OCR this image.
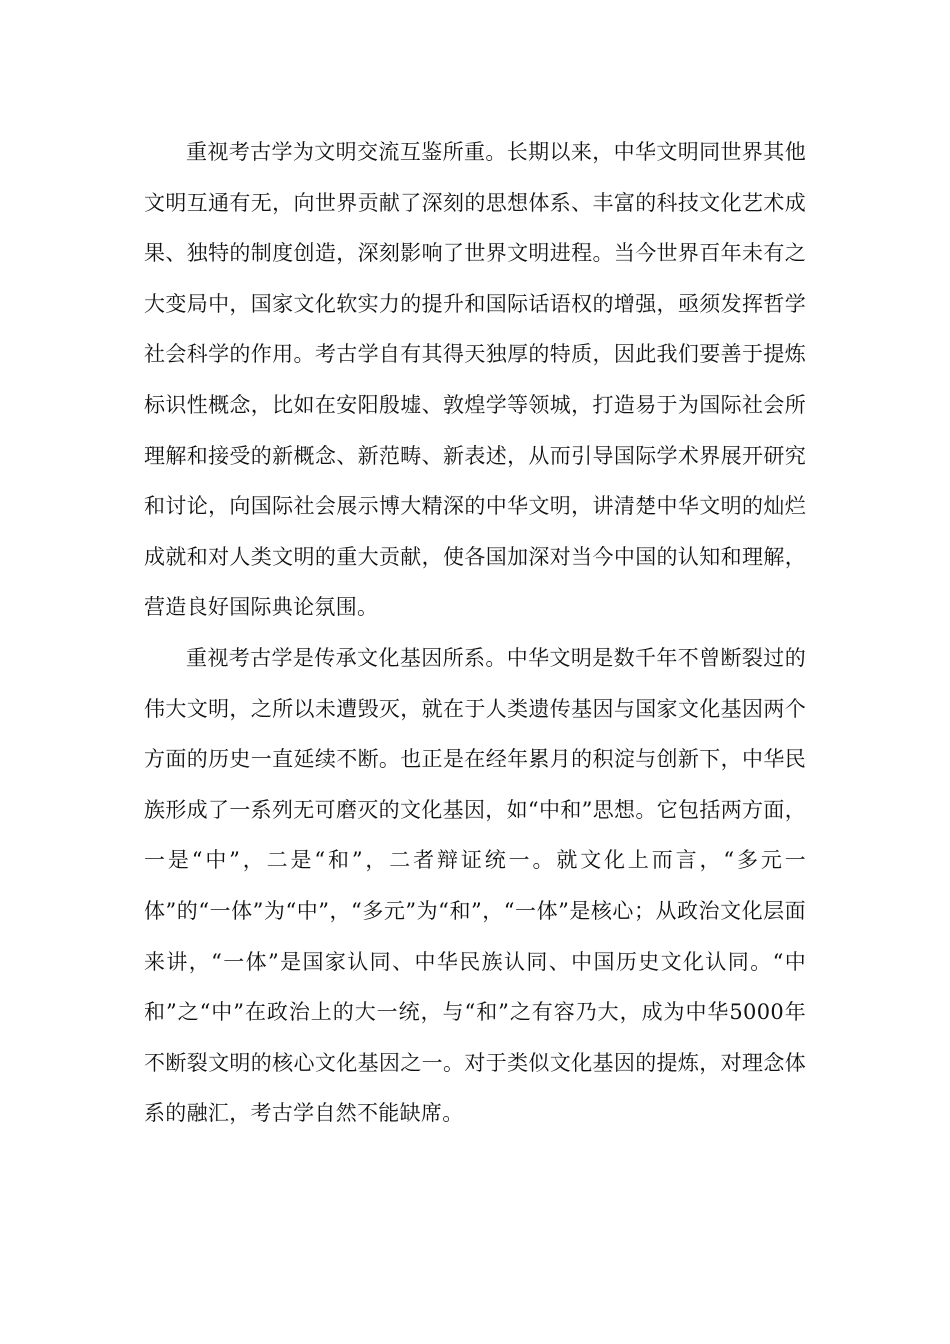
重视考古学为文明交流互鉴所重。长期以来，中华文明同世界其他文明互通有无，向世界贡献了深刻的思想体系、丰富的科技文化艺术成果、独特的制度创造，深刻影响了世界文明进程。当今世界百年未有之大变局中，国家文化软实力的提升和国际话语权的增强，亟须发挥哲学社会科学的作用。考古学自有其得天独厚的特质，因此我们要善于提炼标识性概念，比如在安阳殷墟、敦煌学等领城，打造易于为国际社会所理解和接受的新概念、新范畴、新表述，从而引导国际学术界展开研究和讨论，向国际社会展示博大精深的中华文明，讲清楚中华文明的灿烂成就和对人类文明的重大贡献，使各国加深对当今中国的认知和理解，营造良好国际典论氛围。

重视考古学是传承文化基因所系。中华文明是数千年不曾断裂过的伟大文明，之所以未遭毁灭，就在于人类遗传基因与国家文化基因两个方面的历史一直延续不断。也正是在经年累月的积淀与创新下，中华民族形成了一系列无可磨灭的文化基因，如“中和”思想。它包括两方面，一是“中”，二是“和”，二者辩证统一。就文化上而言，“多元一体”的“一体”为“中”，“多元”为“和”，“一体”是核心；从政治文化层面来讲，“一体”是国家认同、中华民族认同、中国历史文化认同。“中和”之“中”在政治上的大一统，与“和”之有容乃大，成为中华5000年不断裂文明的核心文化基因之一。对于类似文化基因的提炼，对理念体系的融汇，考古学自然不能缺席。
